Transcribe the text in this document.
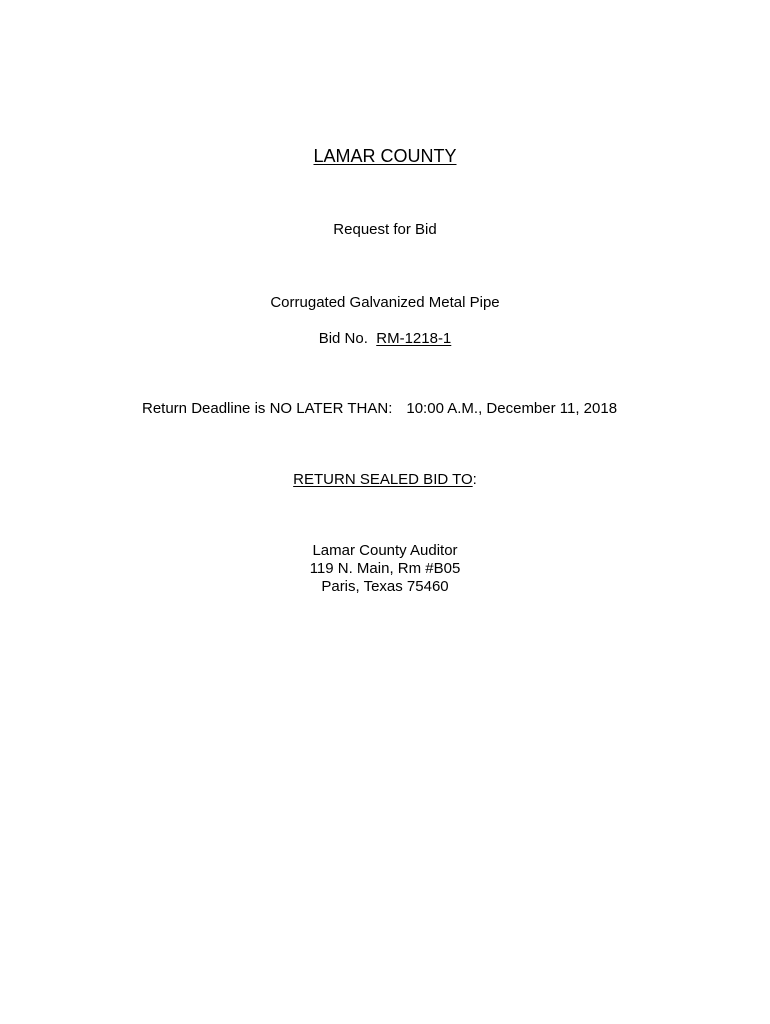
LAMAR COUNTY
Request for Bid
Corrugated Galvanized Metal Pipe
Bid No. RM-1218-1
Return Deadline is NO LATER THAN: 10:00 A.M., December 11, 2018
RETURN SEALED BID TO:
Lamar County Auditor
119 N. Main, Rm #B05
Paris, Texas 75460
